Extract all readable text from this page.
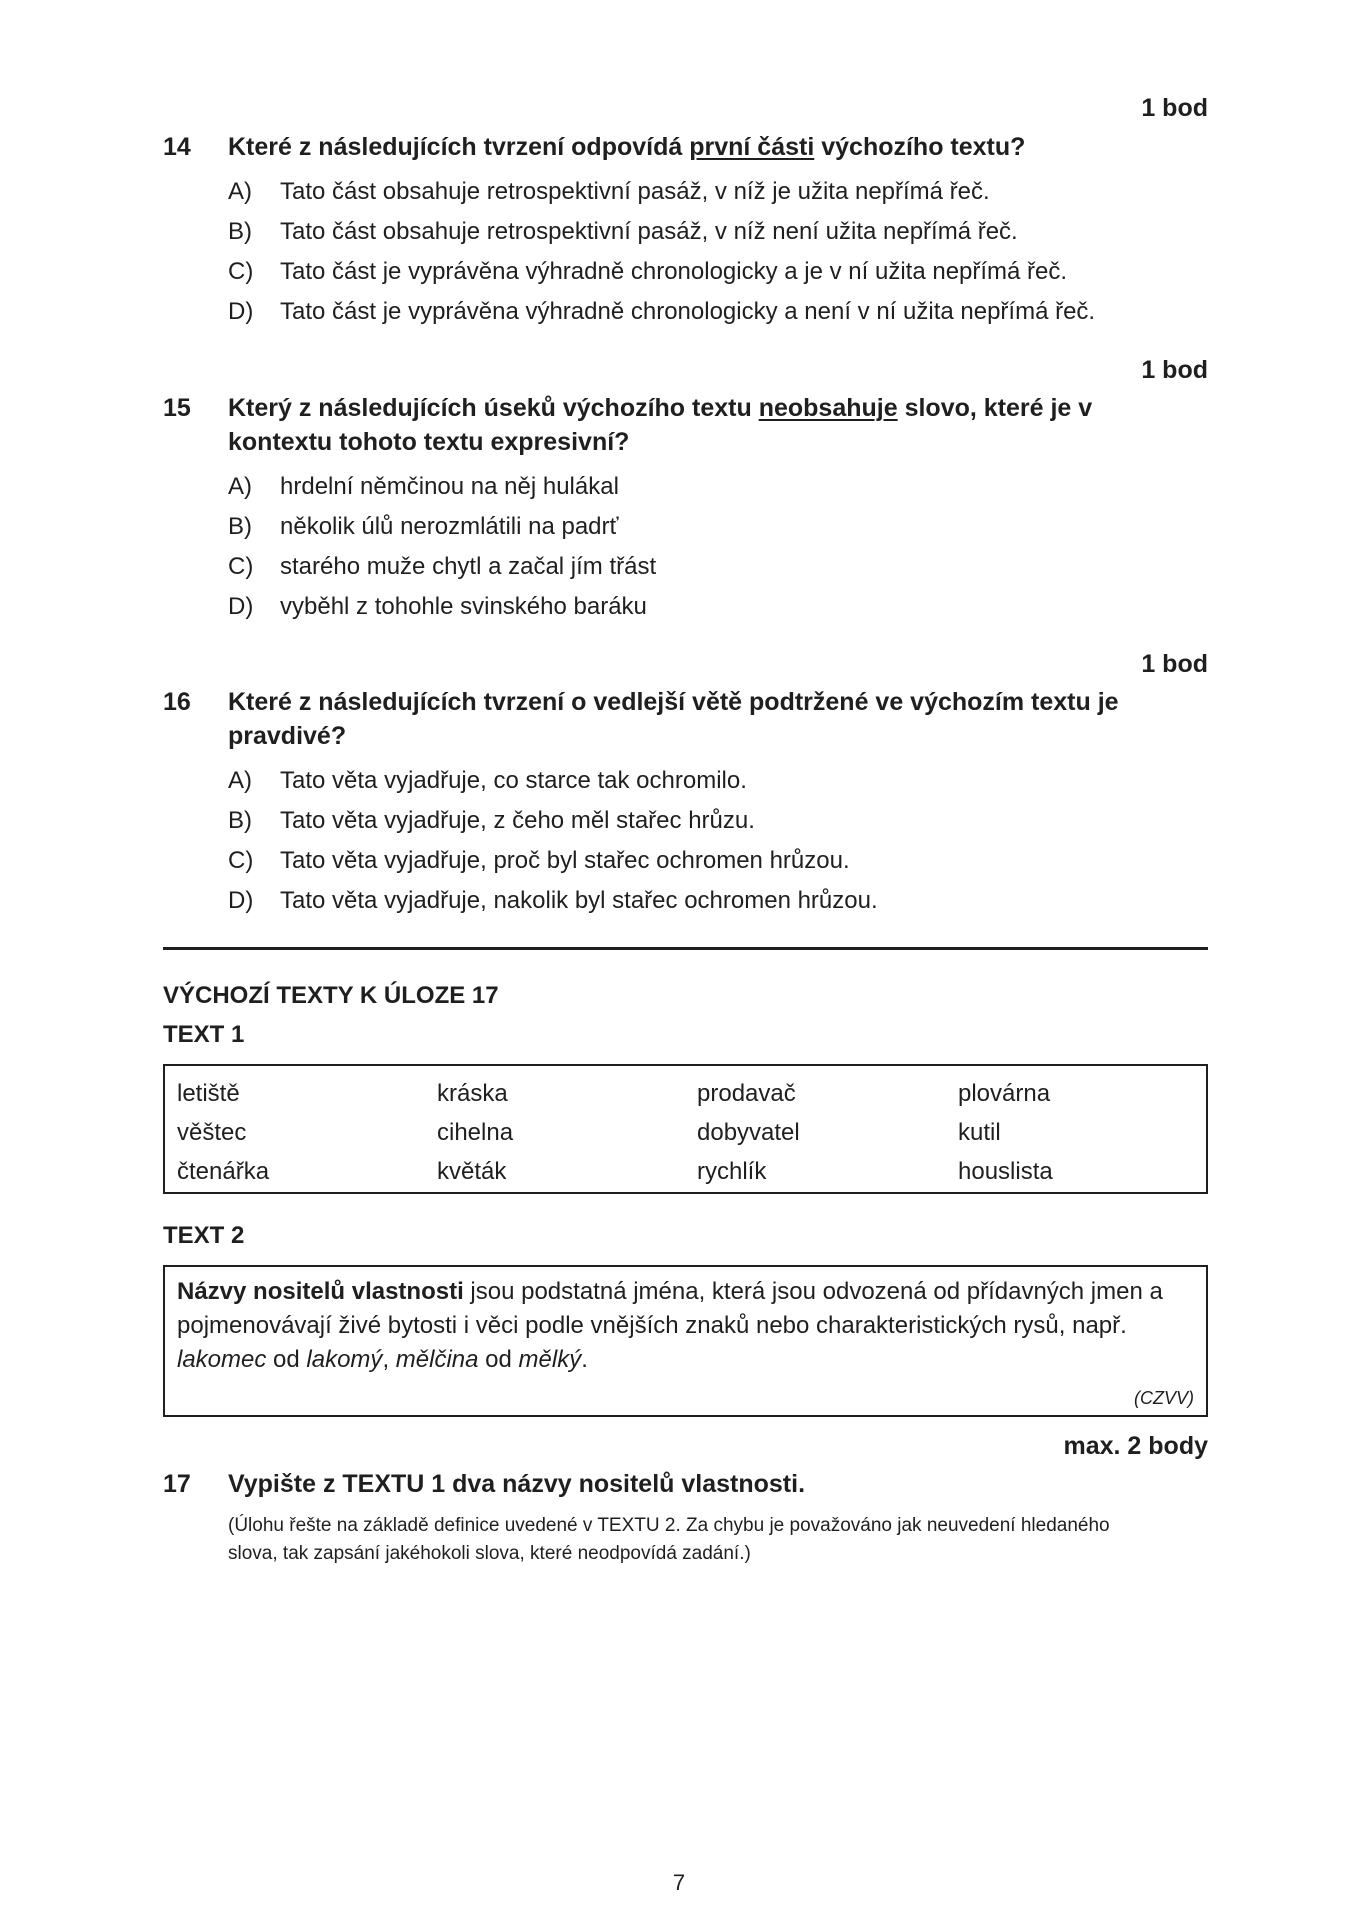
1 bod
14	Které z následujících tvrzení odpovídá první části výchozího textu?
A)	Tato část obsahuje retrospektivní pasáž, v níž je užita nepřímá řeč.
B)	Tato část obsahuje retrospektivní pasáž, v níž není užita nepřímá řeč.
C)	Tato část je vyprávěna výhradně chronologicky a je v ní užita nepřímá řeč.
D)	Tato část je vyprávěna výhradně chronologicky a není v ní užita nepřímá řeč.
1 bod
15	Který z následujících úseků výchozího textu neobsahuje slovo, které je v kontextu tohoto textu expresivní?
A)	hrdelní němčinou na něj hulákal
B)	několik úlů nerozmlátili na padrť
C)	starého muže chytl a začal jím třást
D)	vyběhl z tohohle svinského baráku
1 bod
16	Které z následujících tvrzení o vedlejší větě podtržené ve výchozím textu je pravdivé?
A)	Tato věta vyjadřuje, co starce tak ochromilo.
B)	Tato věta vyjadřuje, z čeho měl stařec hrůzu.
C)	Tato věta vyjadřuje, proč byl stařec ochromen hrůzou.
D)	Tato věta vyjadřuje, nakolik byl stařec ochromen hrůzou.
VÝCHOZÍ TEXTY K ÚLOZE 17
TEXT 1
letiště	kráska	prodavač	plovárna
věštec	cihelna	dobyvatel	kutil
čtenářka	květák	rychlík	houslista
TEXT 2
Názvy nositelů vlastnosti jsou podstatná jména, která jsou odvozená od přídavných jmen a pojmenovávají živé bytosti i věci podle vnějších znaků nebo charakteristických rysů, např. lakomec od lakomý, mělčina od mělký.
(CZVV)
max. 2 body
17	Vypište z TEXTU 1 dva názvy nositelů vlastnosti.
(Úlohu řešte na základě definice uvedené v TEXTU 2. Za chybu je považováno jak neuvedení hledaného slova, tak zapsání jakéhokoli slova, které neodpovídá zadání.)
7
